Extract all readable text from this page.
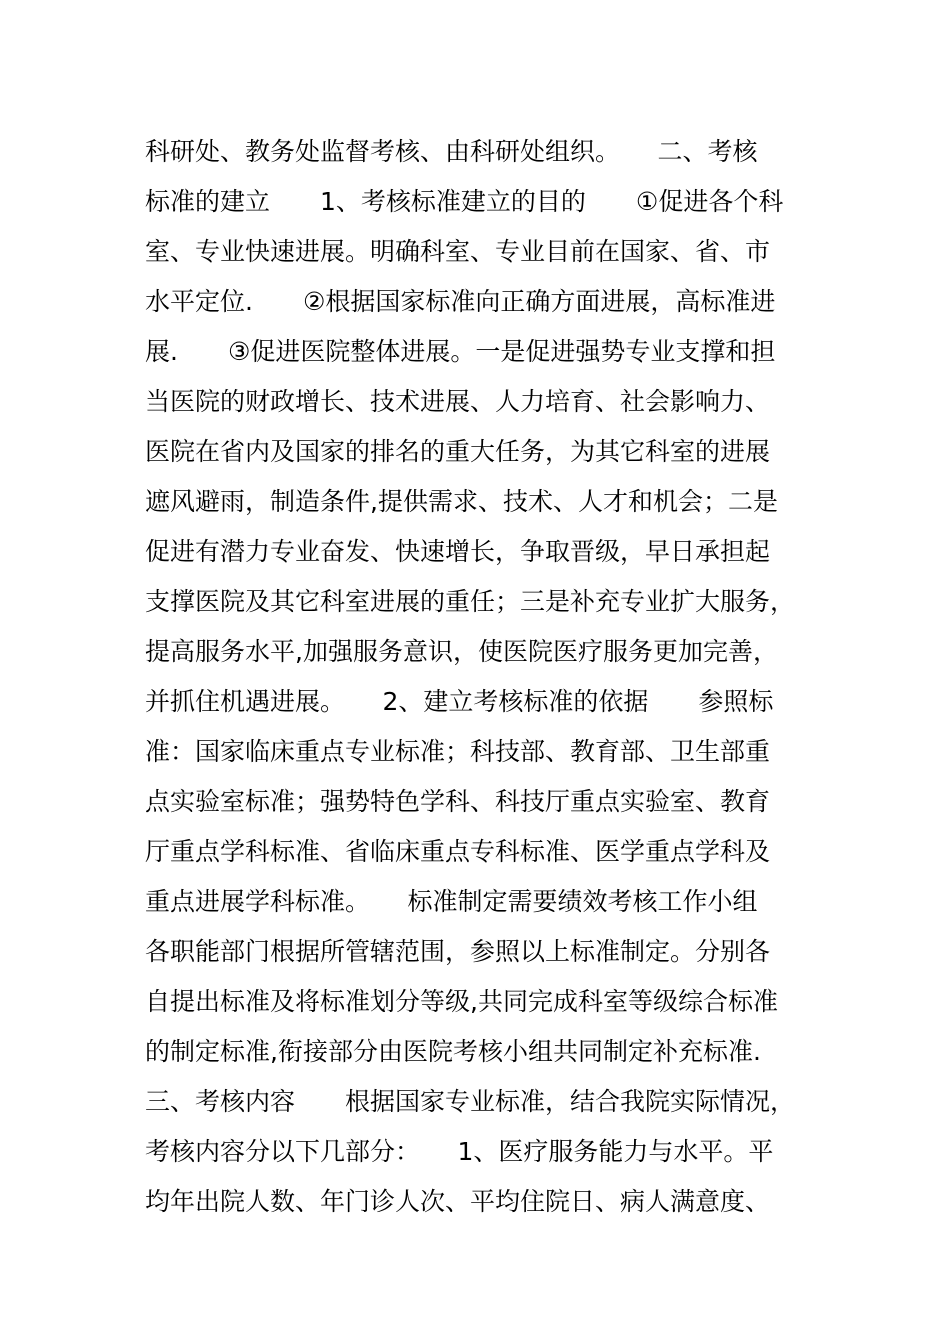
科研处、教务处监督考核、由科研处组织。　　二、考核
标准的建立　　1、考核标准建立的目的　　①促进各个科
室、专业快速进展。明确科室、专业目前在国家、省、市
水平定位.　　②根据国家标准向正确方面进展，高标准进
展.　　③促进医院整体进展。一是促进强势专业支撑和担
当医院的财政增长、技术进展、人力培育、社会影响力、
医院在省内及国家的排名的重大任务，为其它科室的进展
遮风避雨，制造条件,提供需求、技术、人才和机会；二是
促进有潜力专业奋发、快速增长，争取晋级，早日承担起
支撑医院及其它科室进展的重任；三是补充专业扩大服务，
提高服务水平,加强服务意识，使医院医疗服务更加完善，
并抓住机遇进展。　　2、建立考核标准的依据　　参照标
准：国家临床重点专业标准；科技部、教育部、卫生部重
点实验室标准；强势特色学科、科技厅重点实验室、教育
厅重点学科标准、省临床重点专科标准、医学重点学科及
重点进展学科标准。　　标准制定需要绩效考核工作小组
各职能部门根据所管辖范围，参照以上标准制定。分别各
自提出标准及将标准划分等级,共同完成科室等级综合标准
的制定标准,衔接部分由医院考核小组共同制定补充标准.
三、考核内容　　根据国家专业标准，结合我院实际情况，
考核内容分以下几部分：　　1、医疗服务能力与水平。平
均年出院人数、年门诊人次、平均住院日、病人满意度、
